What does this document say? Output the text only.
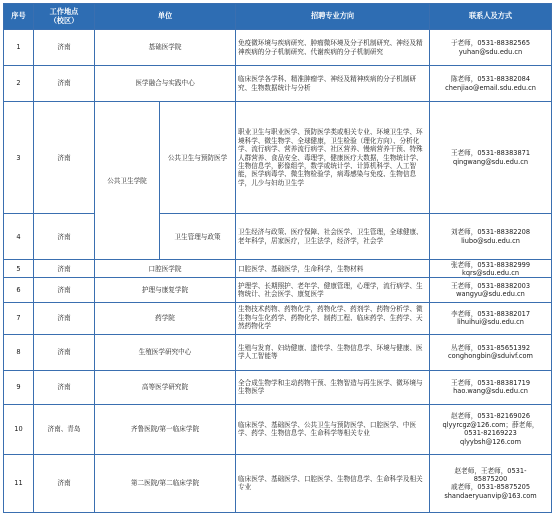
序号	工作地点
（校区）	单位		招聘专业方向	联系人及方式
1	济南	基础医学院		免疫微环境与疾病研究、肿瘤微环境及分子机制研究、神经及精神疾病的分子机制研究、代谢疾病的分子机制研究	于老师，0531-88382565
yuhan@sdu.edu.cn

2	济南	医学融合与实践中心		临床医学各学科、精准肿瘤学、神经及精神疾病的分子机制研究、生物数据统计与分析	陈老师，0531-88382084
chenjiao@email.sdu.edu.cn

3	济南	公共卫生学院	公共卫生与预防医学	职业卫生与职业医学、预防医学类或相关专业、环境卫生学、环境科学、微生物学、全球健康，卫生检验（理化方向）、分析化学、流行病学、营养流行病学、社区营养、慢病营养干预、特殊人群营养、食品安全、毒理学，健康医疗大数据，生物统计学、生物信息学，影像组学，数学或统计学、计算机科学、人工智能，医学病毒学、微生物检验学，病毒感染与免疫、生物信息学，儿少与妇幼卫生学	王老师，0531-88383871
qingwang@sdu.edu.cn

4	济南		卫生管理与政策	卫生经济与政策、医疗保障、社会医学、卫生管理，全球健康、老年科学，居家医疗，卫生法学，经济学，社会学	刘老师，0531-88382208
liubo@sdu.edu.cn

5	济南	口腔医学院		口腔医学、基础医学，生命科学，生物材料	张老师，0531-88382999
kqrs@sdu.edu.cn

6	济南	护理与康复学院		护理学、长期照护、老年学、健康管理，心理学，流行病学、生物统计、社会医学、康复医学	王老师，0531-88382003
wangyu@sdu.edu.cn

7	济南	药学院		生物技术药物、药物化学，药物化学、药剂学、药物分析学、微生物与生化药学、药物化学、制药工程、临床药学、生药学、天然药物化学	李老师，0531-88382017
lihuihui@sdu.edu.cn

8	济南	生殖医学研究中心		生殖与发育、妇幼健康、遗传学、生物信息学、环境与健康、医学人工智能等	丛老师，0531-85651392
conghongbin@sduivf.com

9	济南	高等医学研究院		全合成生物学和主动药物干预、生物智造与再生医学、微环境与生物医学	王老师，0531-88381719
hao.wang@sdu.edu.cn

10	济南、青岛	齐鲁医院/第一临床学院		临床医学、基础医学、公共卫生与预防医学、口腔医学、中医学、药学、生物信息学、生命科学等相关专业	赵老师，0531-82169026
qlyyrcgz@126.com；薛老师，
0531-82169223
qlyybsh@126.com

11	济南	第二医院/第二临床学院		临床医学、基础医学、口腔医学、生物信息学、生命科学及相关专业	赵老师，王老师，0531-
85875200
戚老师，0531-85875205
shandaeryuanvip@163.com
